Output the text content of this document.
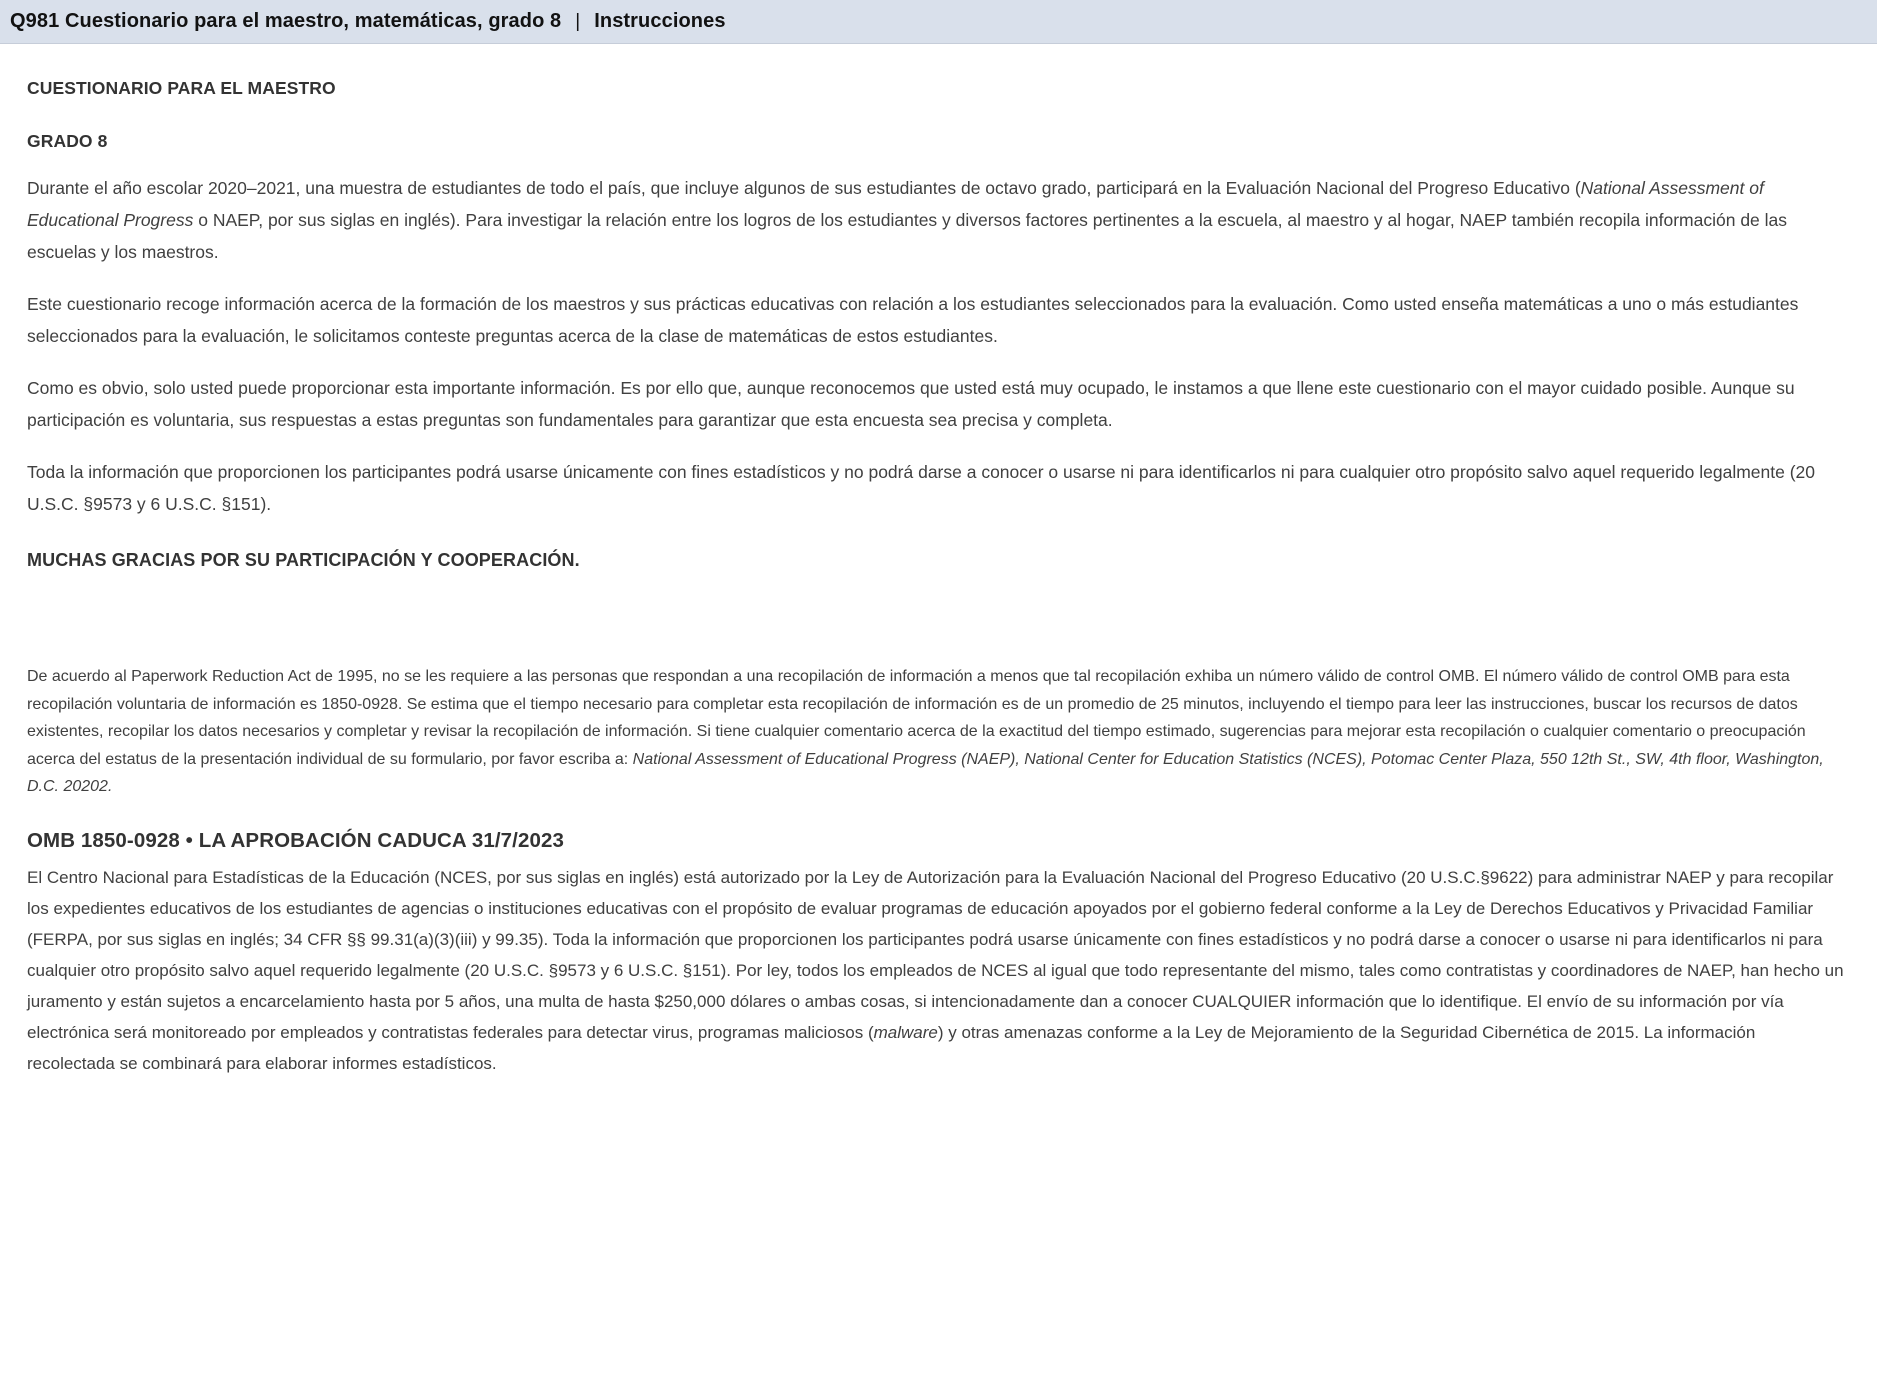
Q981 Cuestionario para el maestro, matemáticas, grado 8 | Instrucciones
CUESTIONARIO PARA EL MAESTRO
GRADO 8

Durante el año escolar 2020–2021, una muestra de estudiantes de todo el país, que incluye algunos de sus estudiantes de octavo grado, participará en la Evaluación Nacional del Progreso Educativo (National Assessment of Educational Progress o NAEP, por sus siglas en inglés). Para investigar la relación entre los logros de los estudiantes y diversos factores pertinentes a la escuela, al maestro y al hogar, NAEP también recopila información de las escuelas y los maestros.

Este cuestionario recoge información acerca de la formación de los maestros y sus prácticas educativas con relación a los estudiantes seleccionados para la evaluación. Como usted enseña matemáticas a uno o más estudiantes seleccionados para la evaluación, le solicitamos conteste preguntas acerca de la clase de matemáticas de estos estudiantes.

Como es obvio, solo usted puede proporcionar esta importante información. Es por ello que, aunque reconocemos que usted está muy ocupado, le instamos a que llene este cuestionario con el mayor cuidado posible. Aunque su participación es voluntaria, sus respuestas a estas preguntas son fundamentales para garantizar que esta encuesta sea precisa y completa.

Toda la información que proporcionen los participantes podrá usarse únicamente con fines estadísticos y no podrá darse a conocer o usarse ni para identificarlos ni para cualquier otro propósito salvo aquel requerido legalmente (20 U.S.C. §9573 y 6 U.S.C. §151).

MUCHAS GRACIAS POR SU PARTICIPACIÓN Y COOPERACIÓN.

De acuerdo al Paperwork Reduction Act de 1995, no se les requiere a las personas que respondan a una recopilación de información a menos que tal recopilación exhiba un número válido de control OMB. El número válido de control OMB para esta recopilación voluntaria de información es 1850-0928. Se estima que el tiempo necesario para completar esta recopilación de información es de un promedio de 25 minutos, incluyendo el tiempo para leer las instrucciones, buscar los recursos de datos existentes, recopilar los datos necesarios y completar y revisar la recopilación de información. Si tiene cualquier comentario acerca de la exactitud del tiempo estimado, sugerencias para mejorar esta recopilación o cualquier comentario o preocupación acerca del estatus de la presentación individual de su formulario, por favor escriba a: National Assessment of Educational Progress (NAEP), National Center for Education Statistics (NCES), Potomac Center Plaza, 550 12th St., SW, 4th floor, Washington, D.C. 20202.

OMB 1850-0928 • LA APROBACIÓN CADUCA 31/7/2023

El Centro Nacional para Estadísticas de la Educación (NCES, por sus siglas en inglés) está autorizado por la Ley de Autorización para la Evaluación Nacional del Progreso Educativo (20 U.S.C.§9622) para administrar NAEP y para recopilar los expedientes educativos de los estudiantes de agencias o instituciones educativas con el propósito de evaluar programas de educación apoyados por el gobierno federal conforme a la Ley de Derechos Educativos y Privacidad Familiar (FERPA, por sus siglas en inglés; 34 CFR §§ 99.31(a)(3)(iii) y 99.35). Toda la información que proporcionen los participantes podrá usarse únicamente con fines estadísticos y no podrá darse a conocer o usarse ni para identificarlos ni para cualquier otro propósito salvo aquel requerido legalmente (20 U.S.C. §9573 y 6 U.S.C. §151). Por ley, todos los empleados de NCES al igual que todo representante del mismo, tales como contratistas y coordinadores de NAEP, han hecho un juramento y están sujetos a encarcelamiento hasta por 5 años, una multa de hasta $250,000 dólares o ambas cosas, si intencionadamente dan a conocer CUALQUIER información que lo identifique. El envío de su información por vía electrónica será monitoreado por empleados y contratistas federales para detectar virus, programas maliciosos (malware) y otras amenazas conforme a la Ley de Mejoramiento de la Seguridad Cibernética de 2015. La información recolectada se combinará para elaborar informes estadísticos.
